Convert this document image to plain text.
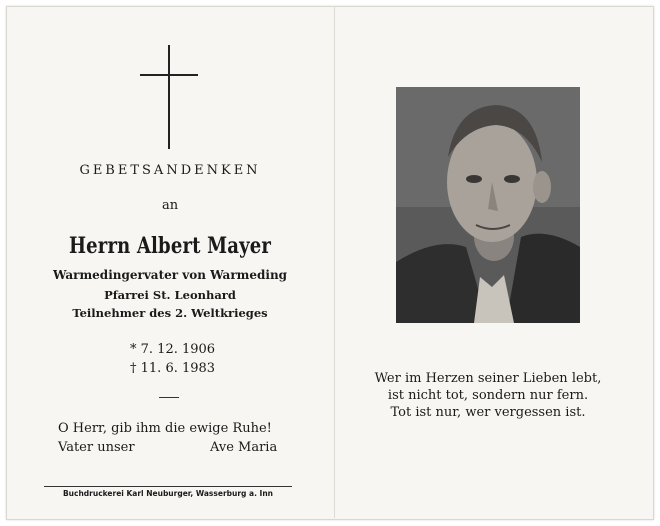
GEBETSANDENKEN
an
Herrn Albert Mayer
Warmedingervater von Warmeding
Pfarrei St. Leonhard
Teilnehmer des 2. Weltkrieges
* 7. 12. 1906
† 11. 6. 1983
O Herr, gib ihm die ewige Ruhe!
Vater unser	Ave Maria
Buchdruckerei Karl Neuburger, Wasserburg a. Inn
Wer im Herzen seiner Lieben lebt,
ist nicht tot, sondern nur fern.
Tot ist nur, wer vergessen ist.
